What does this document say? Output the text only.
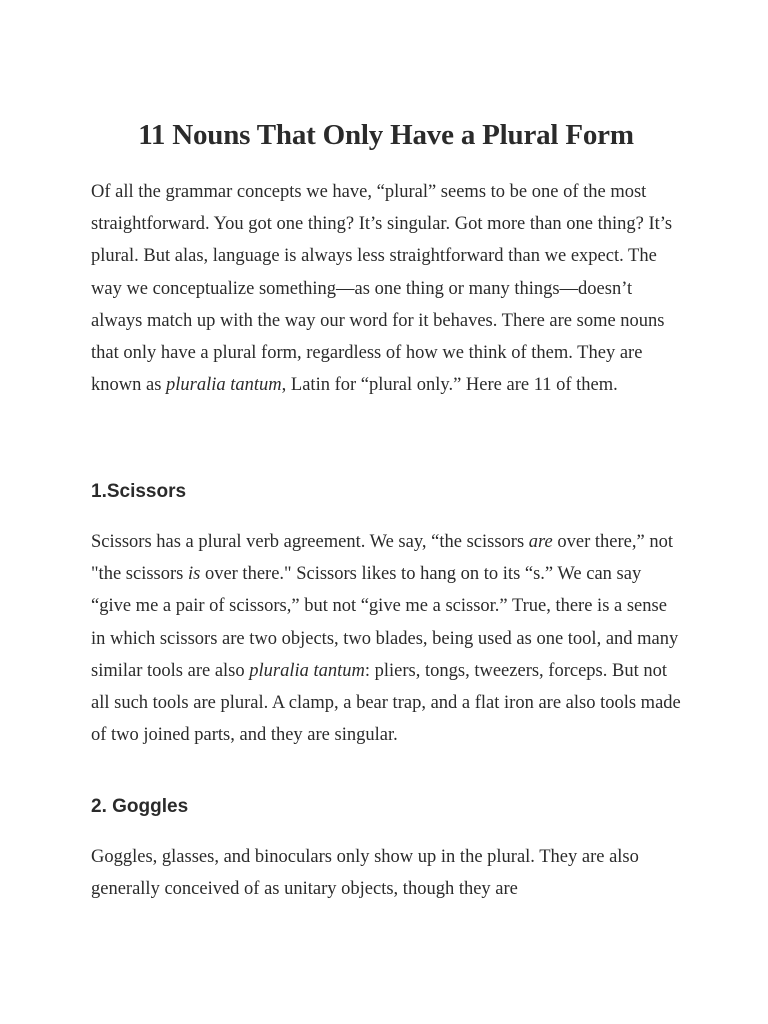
11 Nouns That Only Have a Plural Form

Of all the grammar concepts we have, “plural” seems to be one of the most straightforward. You got one thing? It’s singular. Got more than one thing? It’s plural. But alas, language is always less straightforward than we expect. The way we conceptualize something—as one thing or many things—doesn’t always match up with the way our word for it behaves. There are some nouns that only have a plural form, regardless of how we think of them. They are known as pluralia tantum, Latin for “plural only.” Here are 11 of them.

1.Scissors

Scissors has a plural verb agreement. We say, “the scissors are over there,” not "the scissors is over there." Scissors likes to hang on to its “s.” We can say “give me a pair of scissors,” but not “give me a scissor.” True, there is a sense in which scissors are two objects, two blades, being used as one tool, and many similar tools are also pluralia tantum: pliers, tongs, tweezers, forceps. But not all such tools are plural. A clamp, a bear trap, and a flat iron are also tools made of two joined parts, and they are singular.

2. Goggles

Goggles, glasses, and binoculars only show up in the plural. They are also generally conceived of as unitary objects, though they are
